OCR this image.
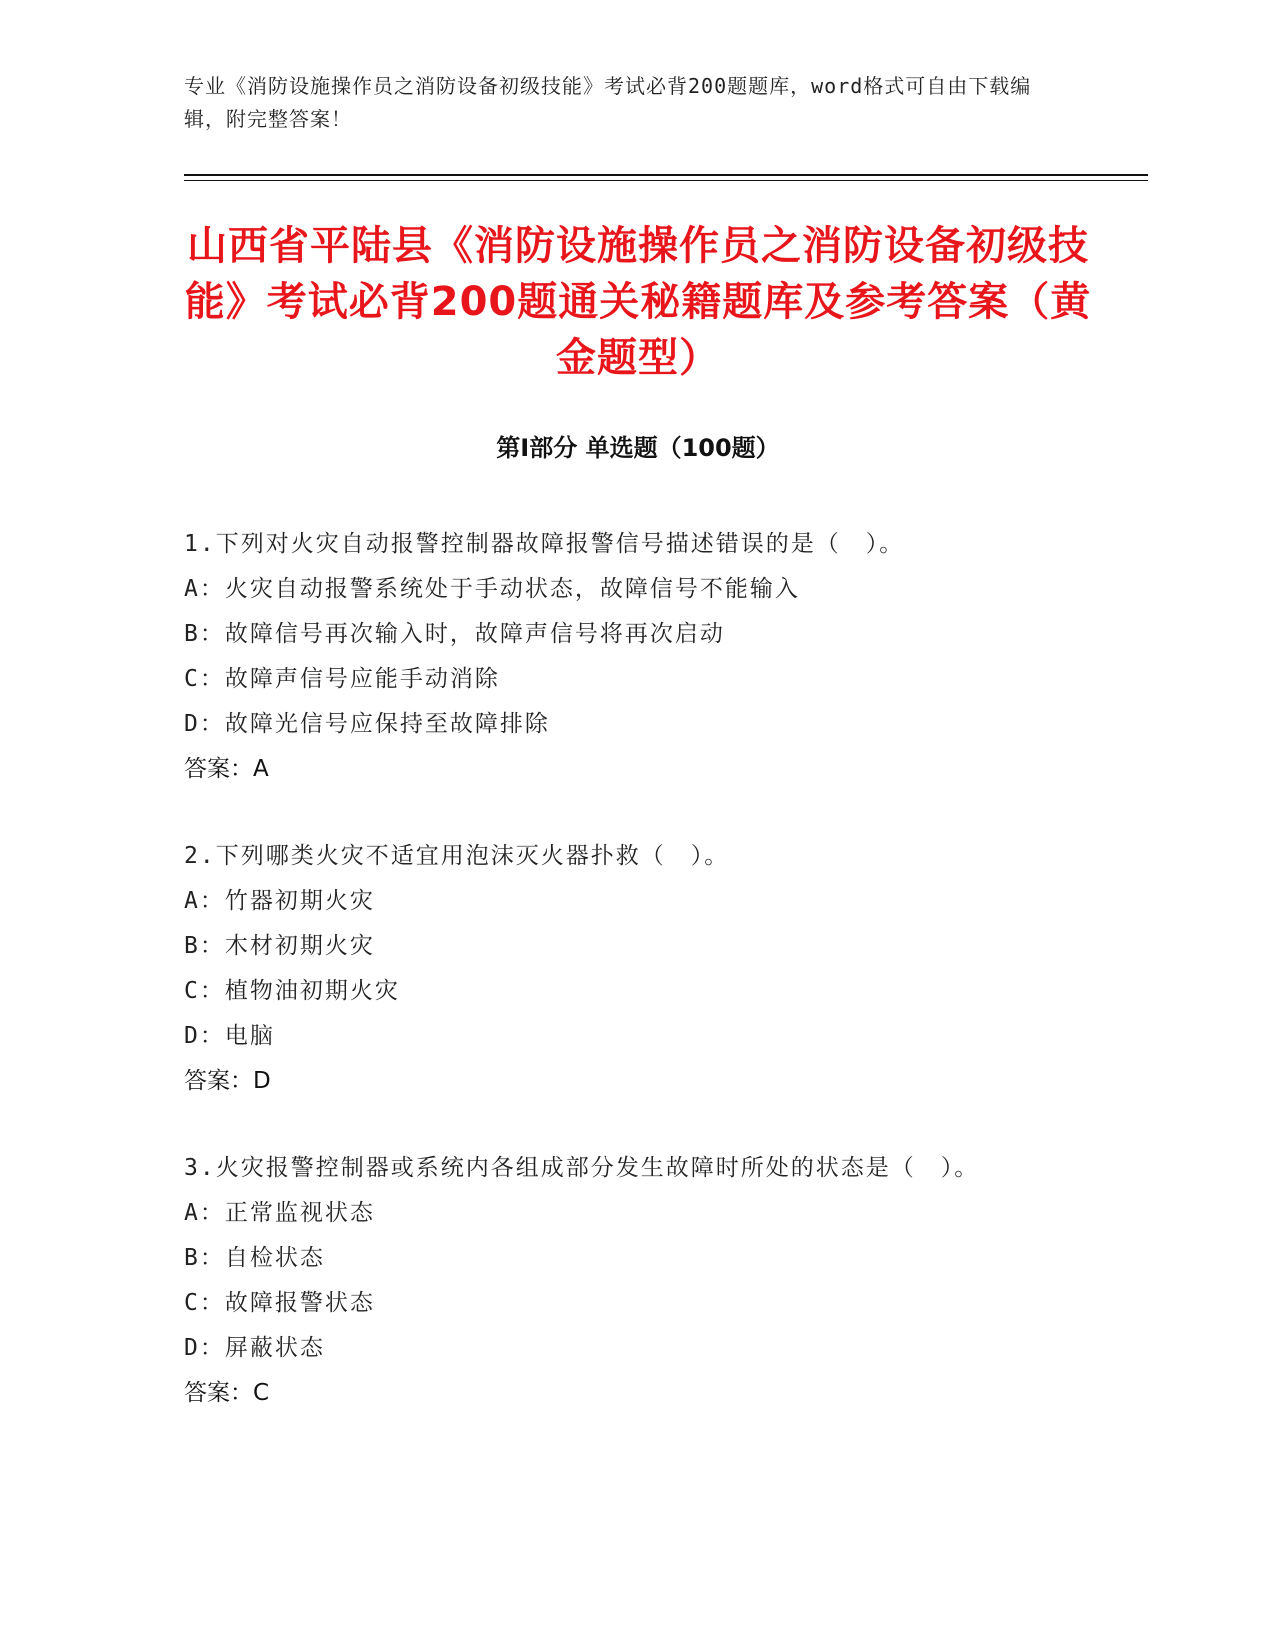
专业《消防设施操作员之消防设备初级技能》考试必背200题题库，word格式可自由下载编辑，附完整答案！
山西省平陆县《消防设施操作员之消防设备初级技能》考试必背200题通关秘籍题库及参考答案（黄金题型）
第Ⅰ部分 单选题（100题）

1.下列对火灾自动报警控制器故障报警信号描述错误的是（　）。

A：火灾自动报警系统处于手动状态，故障信号不能输入

B：故障信号再次输入时，故障声信号将再次启动

C：故障声信号应能手动消除

D：故障光信号应保持至故障排除

答案：A

2.下列哪类火灾不适宜用泡沫灭火器扑救（　）。

A：竹器初期火灾

B：木材初期火灾

C：植物油初期火灾

D：电脑

答案：D

3.火灾报警控制器或系统内各组成部分发生故障时所处的状态是（　）。

A：正常监视状态

B：自检状态

C：故障报警状态

D：屏蔽状态

答案：C
